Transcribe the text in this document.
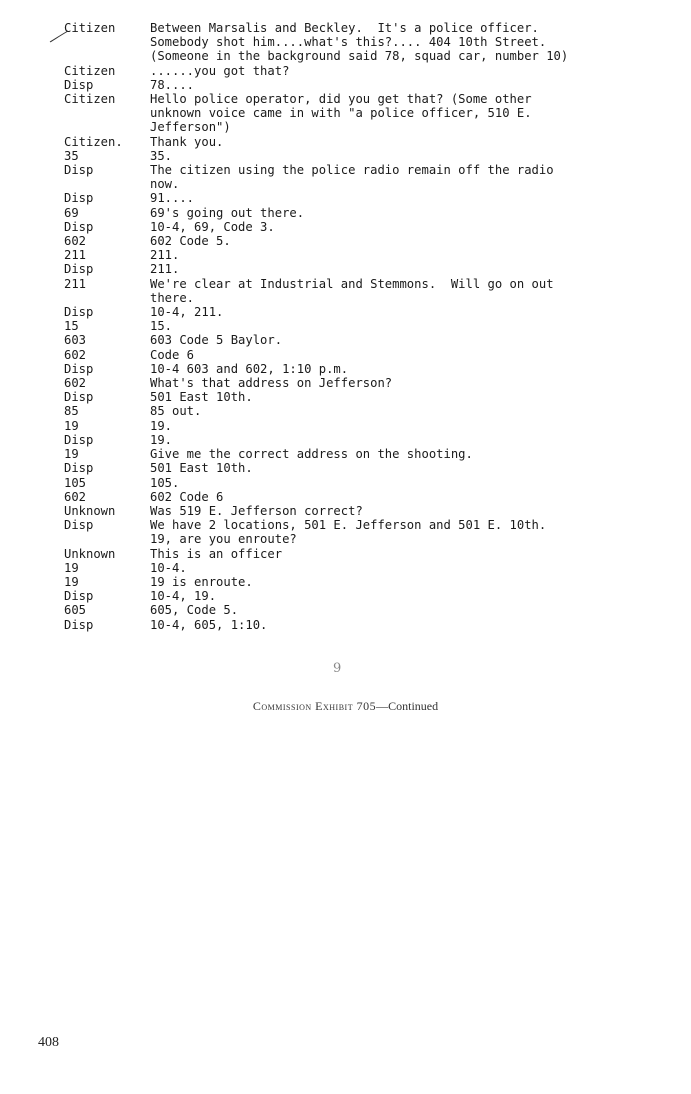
Citizen	Between Marsalis and Beckley.  It's a police officer.
Somebody shot him....what's this?.... 404 10th Street.
(Someone in the background said 78, squad car, number 10)
Citizen	......you got that?
Disp	78....
Citizen	Hello police operator, did you get that? (Some other
unknown voice came in with "a police officer, 510 E.
Jefferson")
Citizen.	Thank you.
35	35.
Disp	The citizen using the police radio remain off the radio
now.
Disp	91....
69	69's going out there.
Disp	10-4, 69, Code 3.
602	602 Code 5.
211	211.
Disp	211.
211	We're clear at Industrial and Stemmons.  Will go on out
there.
Disp	10-4, 211.
15	15.
603	603 Code 5 Baylor.
602	Code 6
Disp	10-4 603 and 602, 1:10 p.m.
602	What's that address on Jefferson?
Disp	501 East 10th.
85	85 out.
19	19.
Disp	19.
19	Give me the correct address on the shooting.
Disp	501 East 10th.
105	105.
602	602 Code 6
Unknown	Was 519 E. Jefferson correct?
Disp	We have 2 locations, 501 E. Jefferson and 501 E. 10th.
19, are you enroute?
Unknown	This is an officer
19	10-4.
19	19 is enroute.
Disp	10-4, 19.
605	605, Code 5.
Disp	10-4, 605, 1:10.
9
Commission Exhibit 705—Continued
408
